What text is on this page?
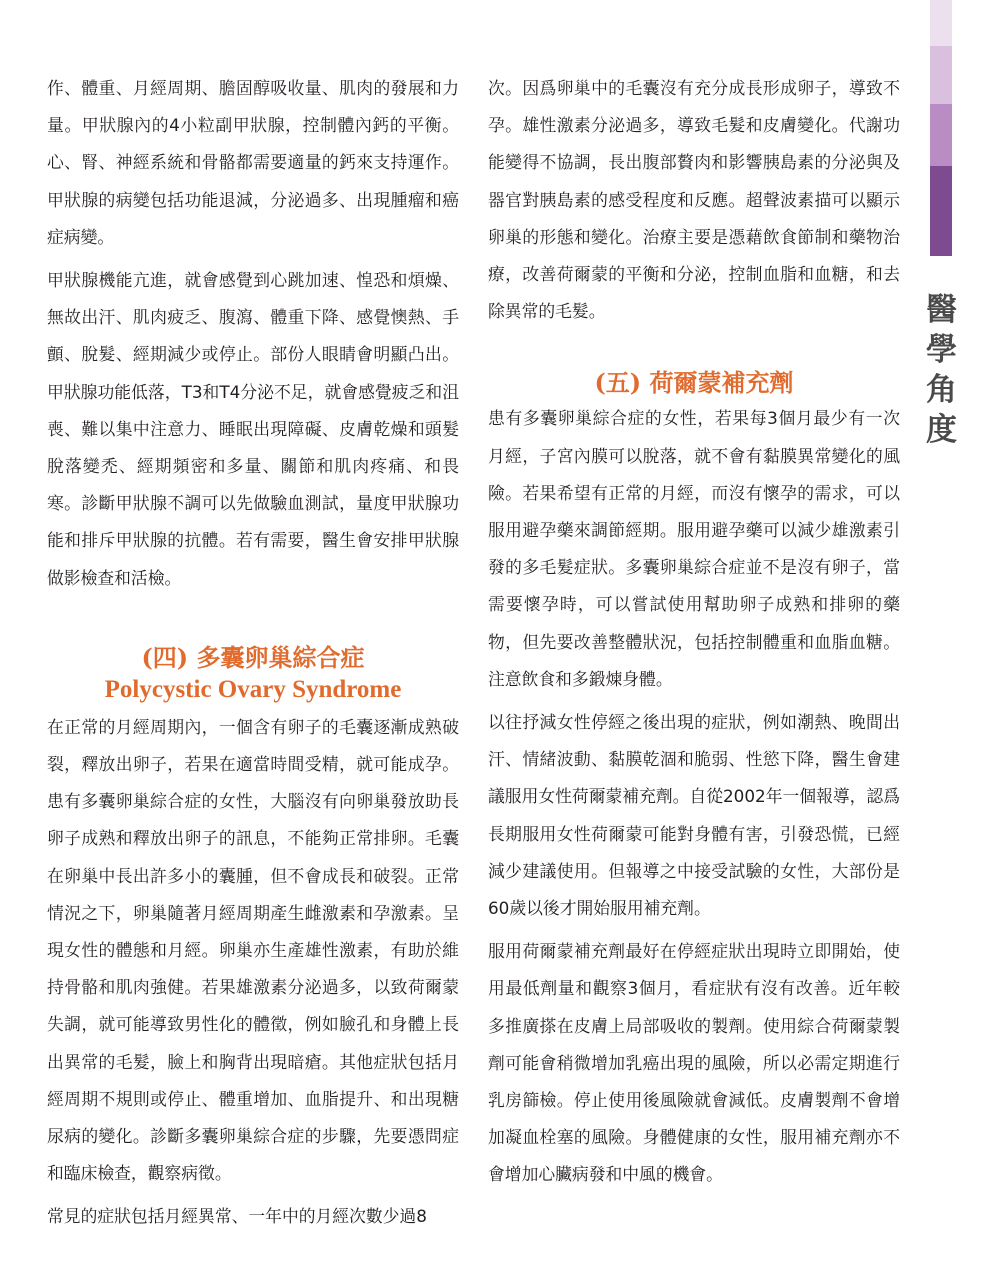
19
醫學角度

作、體重、月經周期、膽固醇吸收量、肌肉的發展和力量。甲狀腺內的4小粒副甲狀腺，控制體內鈣的平衡。心、腎、神經系統和骨骼都需要適量的鈣來支持運作。甲狀腺的病變包括功能退減，分泌過多、出現腫瘤和癌症病變。

甲狀腺機能亢進，就會感覺到心跳加速、惶恐和煩燥、無故出汗、肌肉疲乏、腹瀉、體重下降、感覺懊熱、手顫、脫髮、經期減少或停止。部份人眼睛會明顯凸出。甲狀腺功能低落，T3和T4分泌不足，就會感覺疲乏和沮喪、難以集中注意力、睡眠出現障礙、皮膚乾燥和頭髮脫落變禿、經期頻密和多量、關節和肌肉疼痛、和畏寒。診斷甲狀腺不調可以先做驗血測試，量度甲狀腺功能和排斥甲狀腺的抗體。若有需要，醫生會安排甲狀腺做影檢查和活檢。

(四) 多囊卵巢綜合症
Polycystic Ovary Syndrome

在正常的月經周期內，一個含有卵子的毛囊逐漸成熟破裂，釋放出卵子，若果在適當時間受精，就可能成孕。患有多囊卵巢綜合症的女性，大腦沒有向卵巢發放助長卵子成熟和釋放出卵子的訊息，不能夠正常排卵。毛囊在卵巢中長出許多小的囊腫，但不會成長和破裂。正常情況之下，卵巢隨著月經周期產生雌激素和孕激素。呈現女性的體態和月經。卵巢亦生產雄性激素，有助於維持骨骼和肌肉強健。若果雄激素分泌過多，以致荷爾蒙失調，就可能導致男性化的體徵，例如臉孔和身體上長出異常的毛髮，臉上和胸背出現暗瘡。其他症狀包括月經周期不規則或停止、體重增加、血脂提升、和出現糖尿病的變化。診斷多囊卵巢綜合症的步驟，先要憑問症和臨床檢查，觀察病徵。

常見的症狀包括月經異常、一年中的月經次數少過8

次。因爲卵巢中的毛囊沒有充分成長形成卵子，導致不孕。雄性激素分泌過多，導致毛髮和皮膚變化。代謝功能變得不協調，長出腹部贅肉和影響胰島素的分泌與及器官對胰島素的感受程度和反應。超聲波素描可以顯示卵巢的形態和變化。治療主要是憑藉飲食節制和藥物治療，改善荷爾蒙的平衡和分泌，控制血脂和血糖，和去除異常的毛髮。

(五) 荷爾蒙補充劑

患有多囊卵巢綜合症的女性，若果每3個月最少有一次月經，子宮內膜可以脫落，就不會有黏膜異常變化的風險。若果希望有正常的月經，而沒有懷孕的需求，可以服用避孕藥來調節經期。服用避孕藥可以減少雄激素引發的多毛髮症狀。多囊卵巢綜合症並不是沒有卵子，當需要懷孕時，可以嘗試使用幫助卵子成熟和排卵的藥物，但先要改善整體狀況，包括控制體重和血脂血糖。注意飲食和多鍛煉身體。

以往抒減女性停經之後出現的症狀，例如潮熱、晚間出汗、情緒波動、黏膜乾涸和脆弱、性慾下降，醫生會建議服用女性荷爾蒙補充劑。自從2002年一個報導，認爲長期服用女性荷爾蒙可能對身體有害，引發恐慌，已經減少建議使用。但報導之中接受試驗的女性，大部份是60歲以後才開始服用補充劑。

服用荷爾蒙補充劑最好在停經症狀出現時立即開始，使用最低劑量和觀察3個月，看症狀有沒有改善。近年較多推廣搽在皮膚上局部吸收的製劑。使用綜合荷爾蒙製劑可能會稍微增加乳癌出現的風險，所以必需定期進行乳房篩檢。停止使用後風險就會減低。皮膚製劑不會增加凝血栓塞的風險。身體健康的女性，服用補充劑亦不會增加心臟病發和中風的機會。
